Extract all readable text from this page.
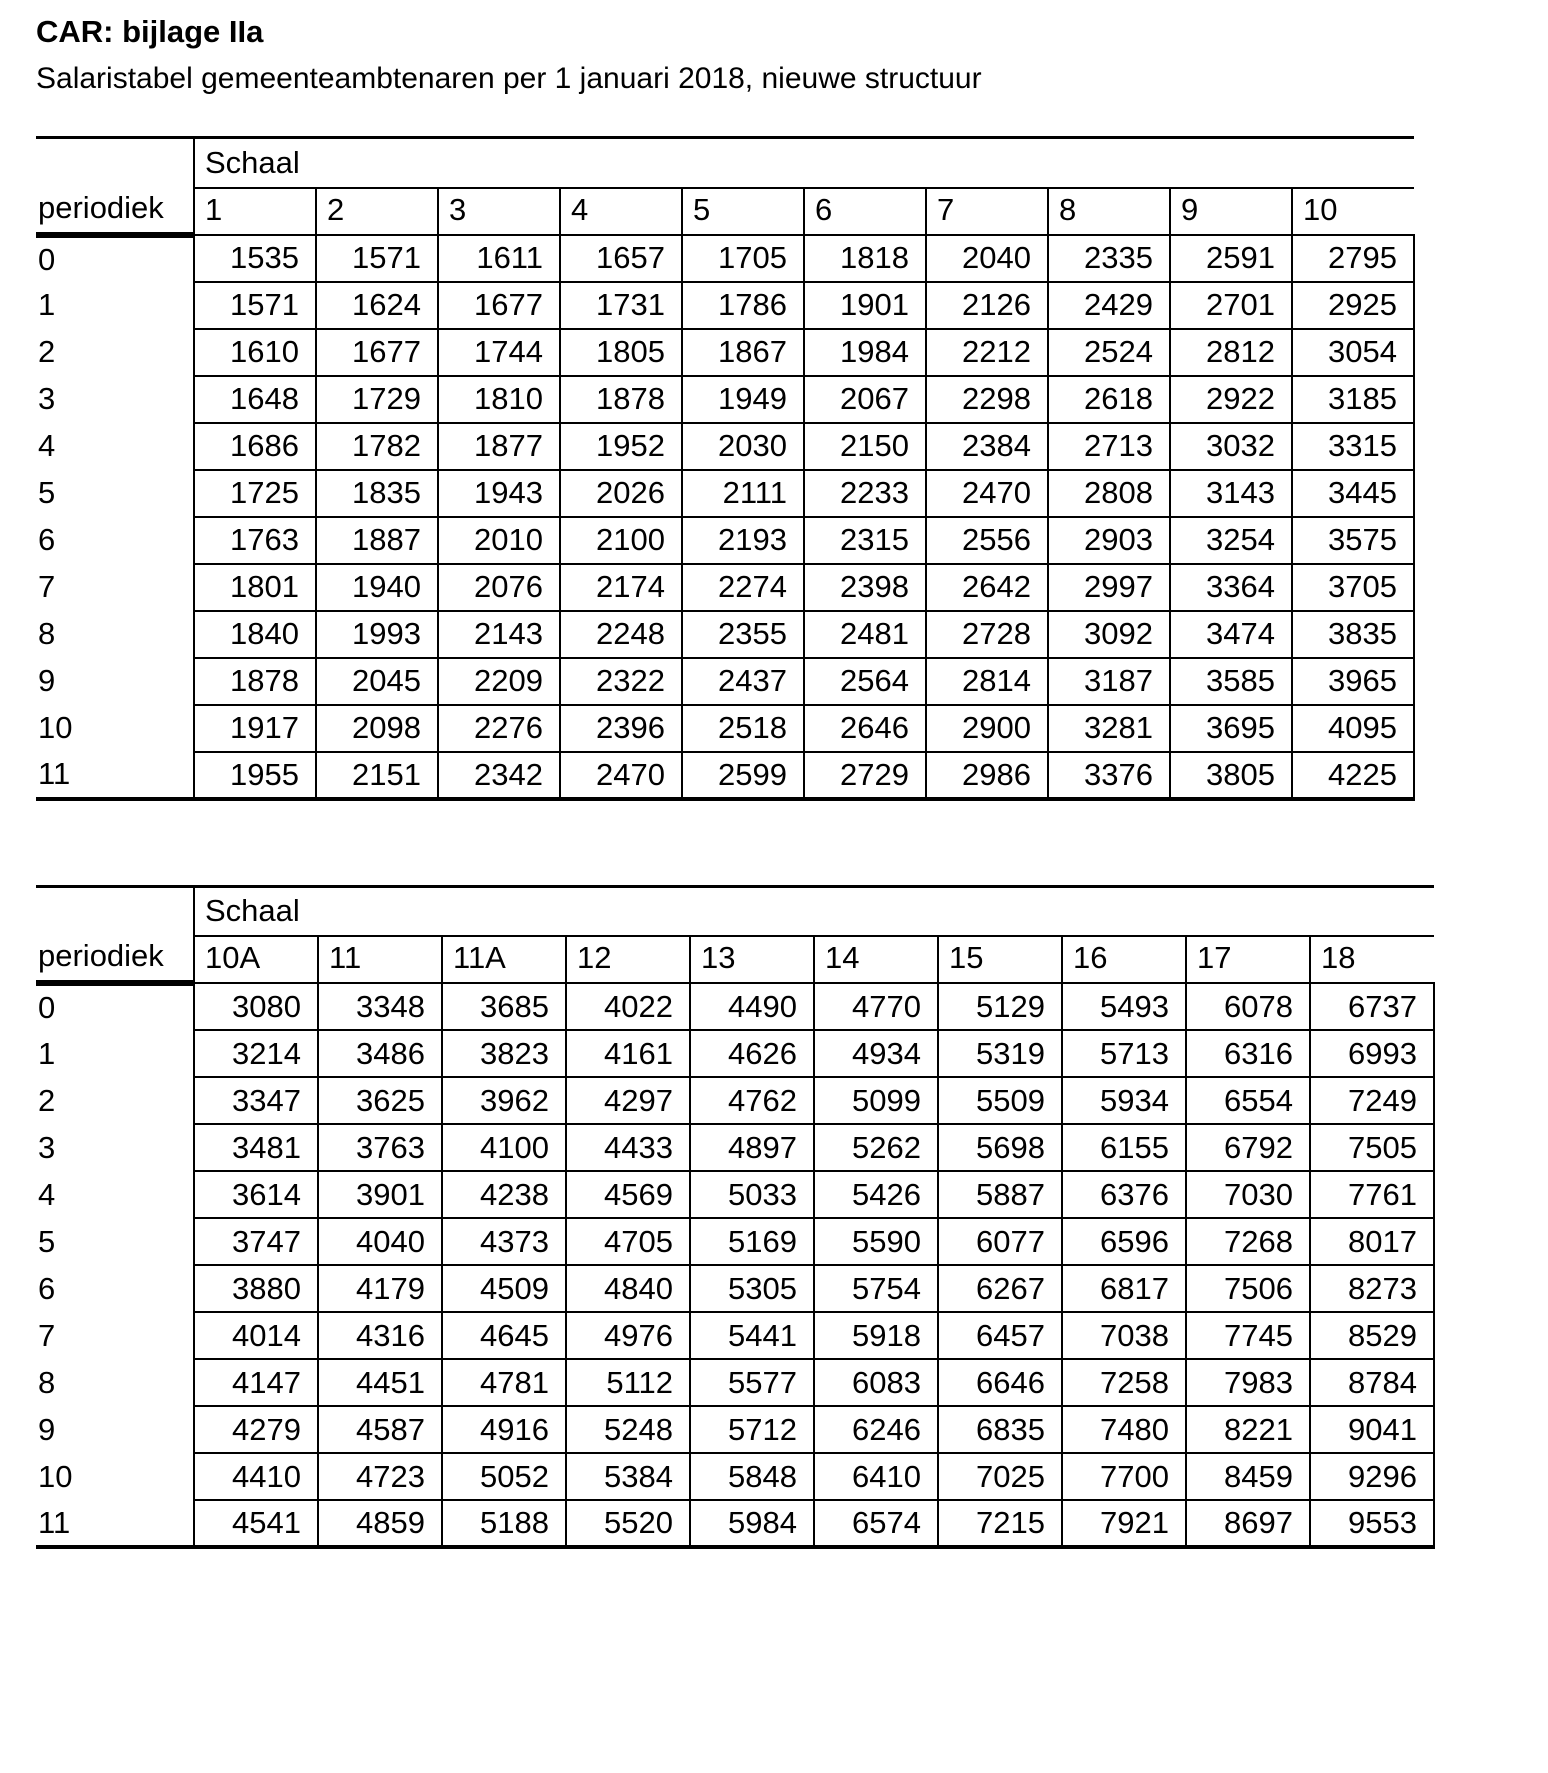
CAR: bijlage IIa

Salaristabel gemeenteambtenaren per 1 januari 2018, nieuwe structuur

	Schaal									
periodiek	1	2	3	4	5	6	7	8	9	10
0	1535	1571	1611	1657	1705	1818	2040	2335	2591	2795
1	1571	1624	1677	1731	1786	1901	2126	2429	2701	2925
2	1610	1677	1744	1805	1867	1984	2212	2524	2812	3054
3	1648	1729	1810	1878	1949	2067	2298	2618	2922	3185
4	1686	1782	1877	1952	2030	2150	2384	2713	3032	3315
5	1725	1835	1943	2026	2111	2233	2470	2808	3143	3445
6	1763	1887	2010	2100	2193	2315	2556	2903	3254	3575
7	1801	1940	2076	2174	2274	2398	2642	2997	3364	3705
8	1840	1993	2143	2248	2355	2481	2728	3092	3474	3835
9	1878	2045	2209	2322	2437	2564	2814	3187	3585	3965
10	1917	2098	2276	2396	2518	2646	2900	3281	3695	4095
11	1955	2151	2342	2470	2599	2729	2986	3376	3805	4225
	Schaal									
periodiek	10A	11	11A	12	13	14	15	16	17	18
0	3080	3348	3685	4022	4490	4770	5129	5493	6078	6737
1	3214	3486	3823	4161	4626	4934	5319	5713	6316	6993
2	3347	3625	3962	4297	4762	5099	5509	5934	6554	7249
3	3481	3763	4100	4433	4897	5262	5698	6155	6792	7505
4	3614	3901	4238	4569	5033	5426	5887	6376	7030	7761
5	3747	4040	4373	4705	5169	5590	6077	6596	7268	8017
6	3880	4179	4509	4840	5305	5754	6267	6817	7506	8273
7	4014	4316	4645	4976	5441	5918	6457	7038	7745	8529
8	4147	4451	4781	5112	5577	6083	6646	7258	7983	8784
9	4279	4587	4916	5248	5712	6246	6835	7480	8221	9041
10	4410	4723	5052	5384	5848	6410	7025	7700	8459	9296
11	4541	4859	5188	5520	5984	6574	7215	7921	8697	9553
